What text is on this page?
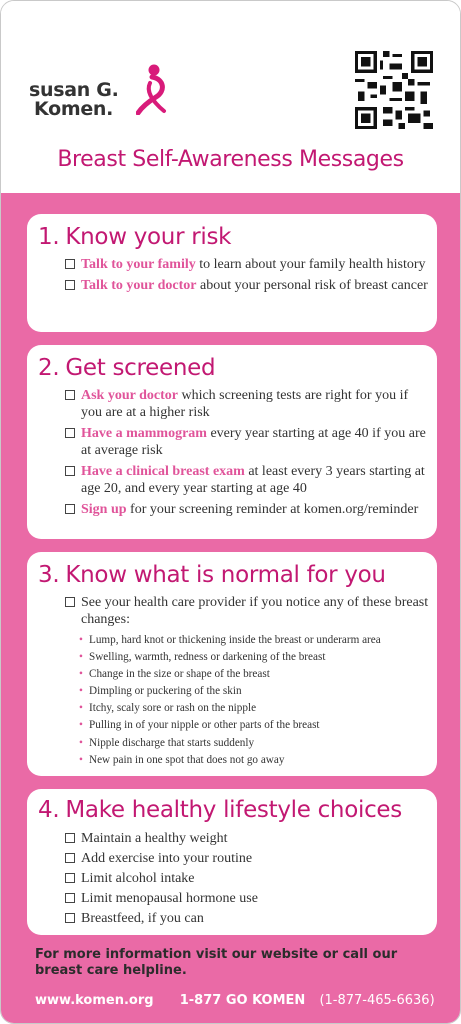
susan G.
Komen.
Breast Self-Awareness Messages
1. Know your risk
Talk to your family to learn about your family health history
Talk to your doctor about your personal risk of breast cancer
2. Get screened
Ask your doctor which screening tests are right for you if you are at a higher risk
Have a mammogram every year starting at age 40 if you are at average risk
Have a clinical breast exam at least every 3 years starting at age 20, and every year starting at age 40
Sign up for your screening reminder at komen.org/reminder
3. Know what is normal for you
See your health care provider if you notice any of these breast changes:
• Lump, hard knot or thickening inside the breast or underarm area
• Swelling, warmth, redness or darkening of the breast
• Change in the size or shape of the breast
• Dimpling or puckering of the skin
• Itchy, scaly sore or rash on the nipple
• Pulling in of your nipple or other parts of the breast
• Nipple discharge that starts suddenly
• New pain in one spot that does not go away
4. Make healthy lifestyle choices
Maintain a healthy weight
Add exercise into your routine
Limit alcohol intake
Limit menopausal hormone use
Breastfeed, if you can
For more information visit our website or call our breast care helpline.
www.komen.org 1-877 GO KOMEN (1-877-465-6636)
